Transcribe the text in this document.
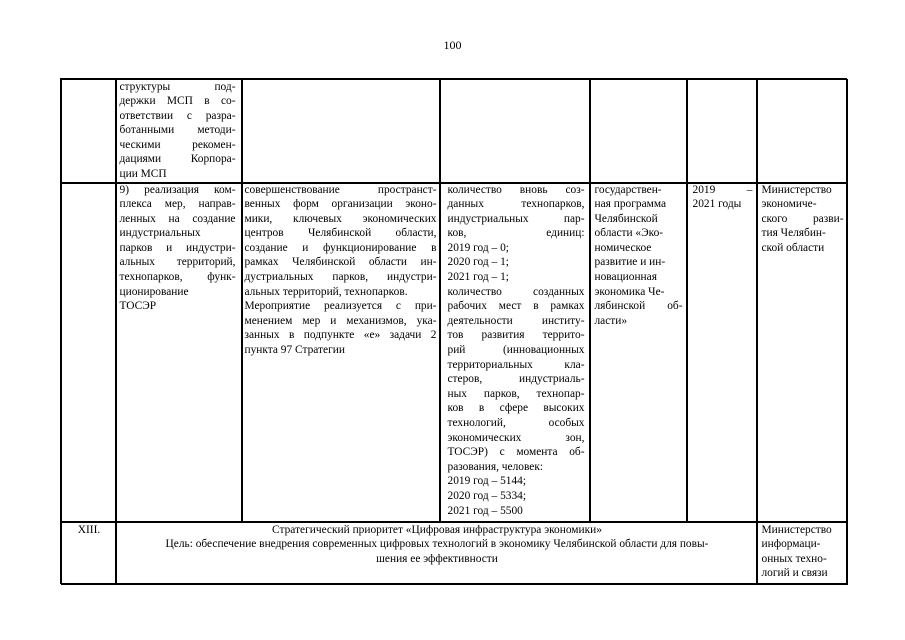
100
структуры под-
держки МСП в со-
ответствии с разра-
ботанными методи-
ческими рекомен-
дациями Корпора-
ции МСП
9) реализация ком-
плекса мер, направ-
ленных на создание
индустриальных
парков и индустри-
альных территорий,
технопарков, функ-
ционирование
ТОСЭР
совершенствование пространст-
венных форм организации эконо-
мики, ключевых экономических
центров Челябинской области,
создание и функционирование в
рамках Челябинской области ин-
дустриальных парков, индустри-
альных территорий, технопарков.
Мероприятие реализуется с при-
менением мер и механизмов, ука-
занных в подпункте «е» задачи 2
пункта 97 Стратегии
количество вновь соз-
данных технопарков,
индустриальных пар-
ков, единиц:
2019 год – 0;
2020 год – 1;
2021 год – 1;
количество созданных
рабочих мест в рамках
деятельности институ-
тов развития террито-
рий (инновационных
территориальных кла-
стеров, индустриаль-
ных парков, технопар-
ков в сфере высоких
технологий, особых
экономических зон,
ТОСЭР) с момента об-
разования, человек:
2019 год – 5144;
2020 год – 5334;
2021 год – 5500
государствен-
ная программа
Челябинской
области «Эко-
номическое
развитие и ин-
новационная
экономика Че-
лябинской об-
ласти»
2019 –
2021 годы
Министерство
экономиче-
ского разви-
тия Челябин-
ской области
XIII.	Стратегический приоритет «Цифровая инфраструктура экономики»
Цель: обеспечение внедрения современных цифровых технологий в экономику Челябинской области для повы-
шения ее эффективности
Министерство
информаци-
онных техно-
логий и связи
